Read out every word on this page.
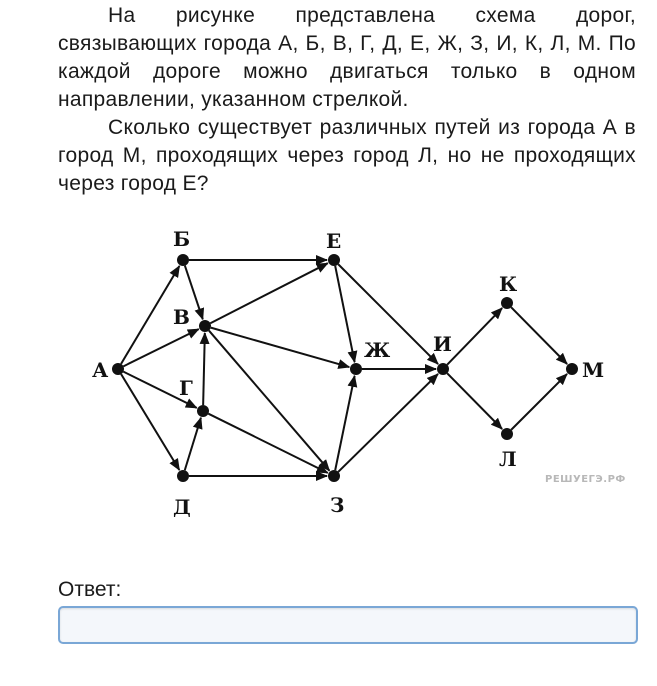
На рисунке представлена схема дорог, связывающих города А, Б, В, Г, Д, Е, Ж, З, И, К, Л, М. По каждой дороге можно двигаться только в одном направлении, указанном стрелкой.

Сколько существует различных путей из города А в город М, проходящих через город Л, но не проходящих через город Е?

А
Б
В
Г
Д
Е
Ж
З
И
К
Л
М
РЕШУЕГЭ.РФ
Ответ:
